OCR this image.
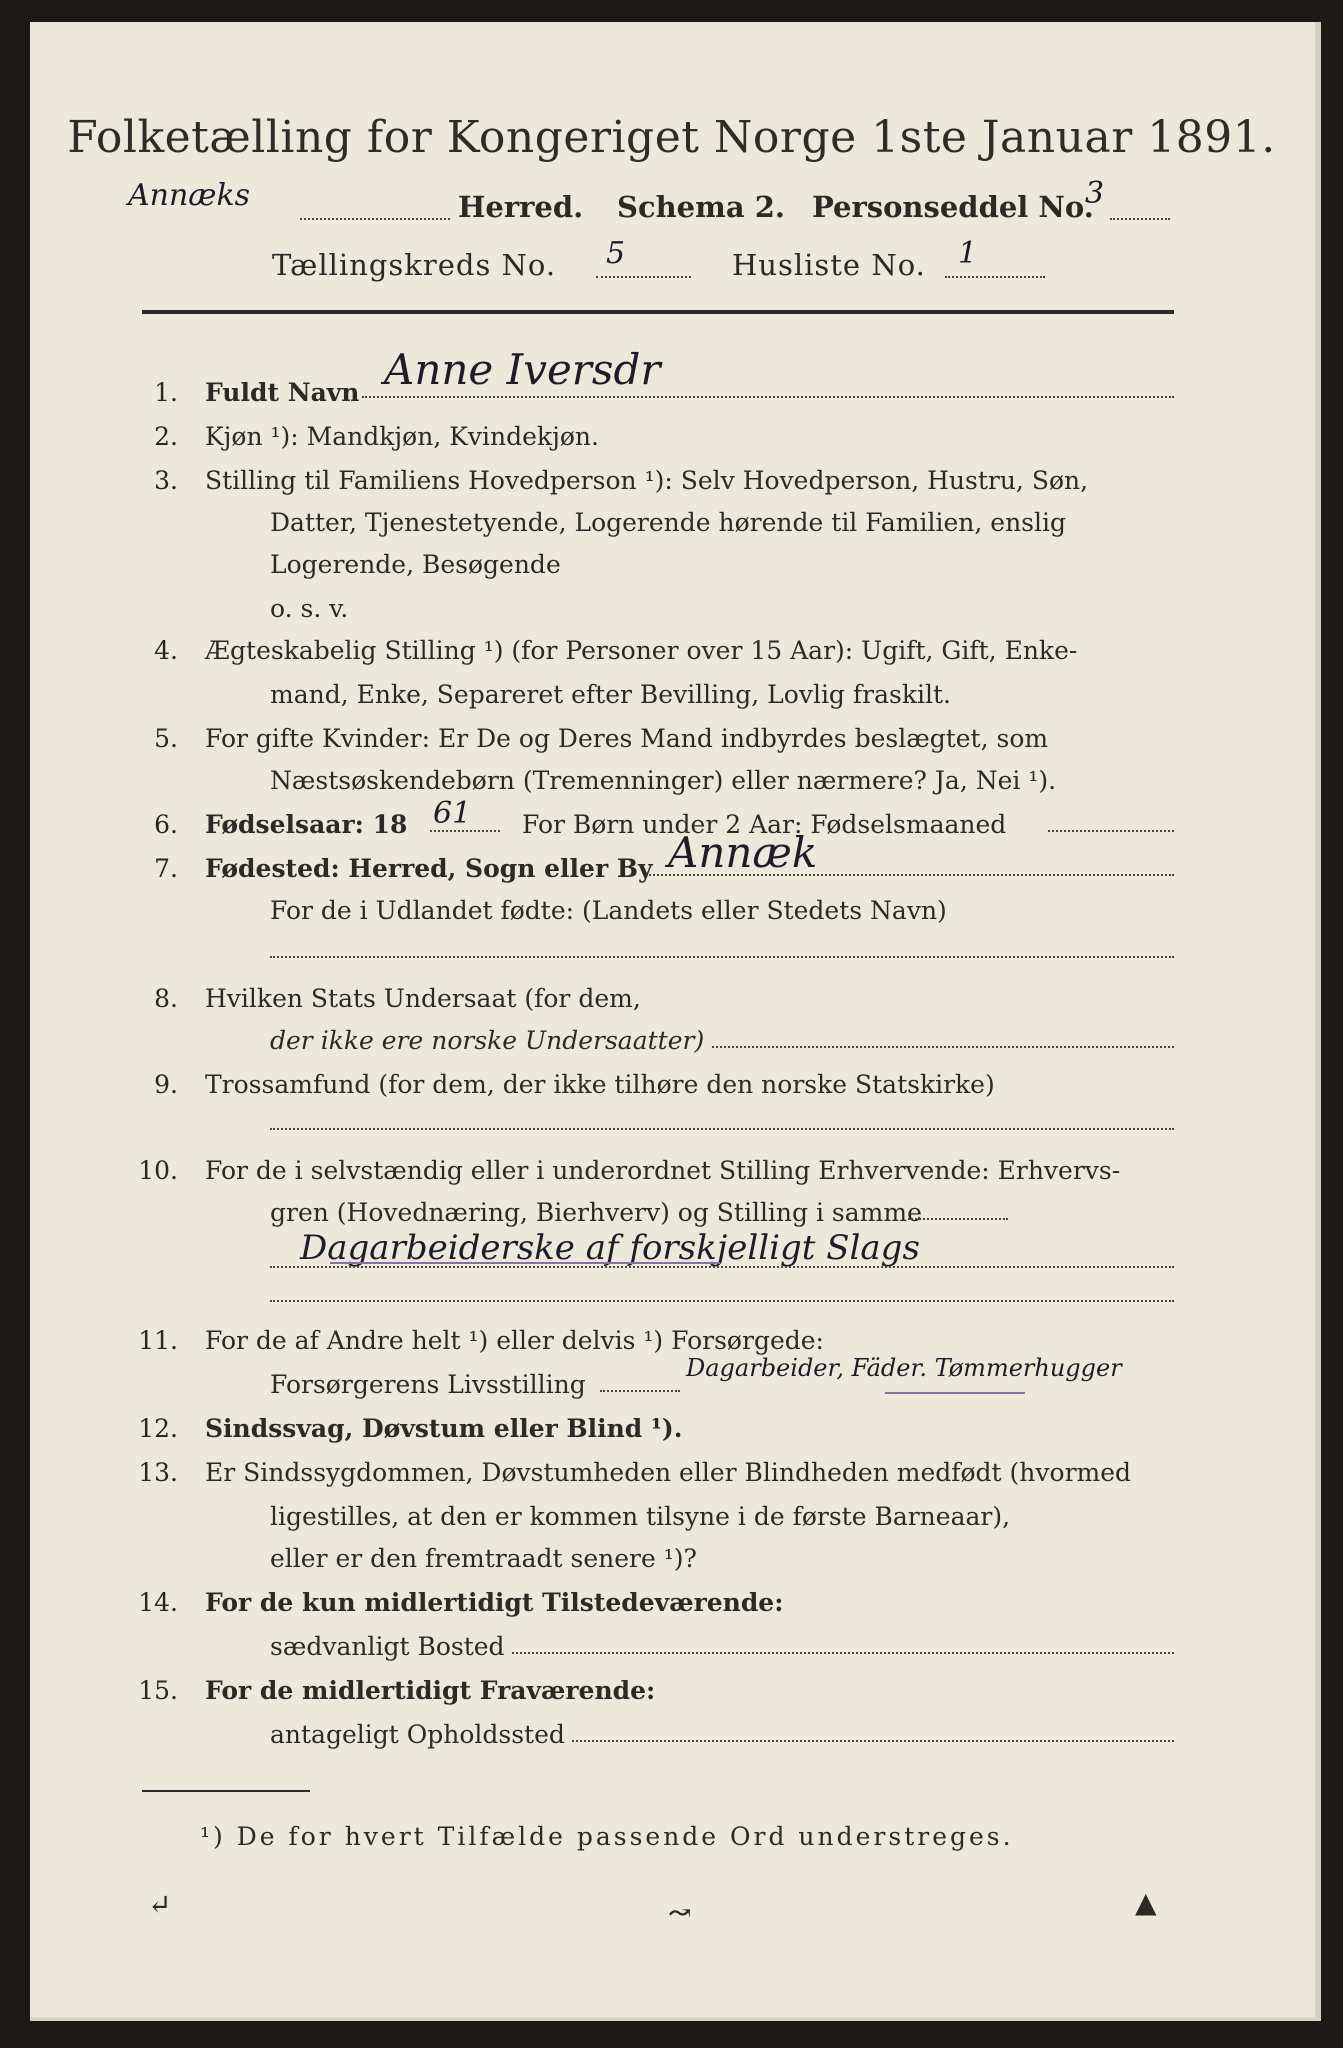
Folketælling for Kongeriget Norge 1ste Januar 1891.
Annæks	Herred. Schema 2. Personseddel No.
3
Tællingskreds No. 5	Husliste No. 1
1. Fuldt Navn Anne Iversdr
2. Kjøn ¹): Mandkjøn, Kvindekjøn.
3. Stilling til Familiens Hovedperson ¹): Selv Hovedperson, Hustru, Søn,
Datter, Tjenestetyende, Logerende hørende til Familien, enslig
Logerende, Besøgende
o. s. v.
4. Ægteskabelig Stilling ¹) (for Personer over 15 Aar): Ugift, Gift, Enke-
mand, Enke, Separeret efter Bevilling, Lovlig fraskilt.
5. For gifte Kvinder: Er De og Deres Mand indbyrdes beslægtet, som
Næstsøskendebørn (Tremenninger) eller nærmere? Ja, Nei ¹).
6. Fødselsaar: 18 61 For Børn under 2 Aar: Fødselsmaaned
7. Fødested: Herred, Sogn eller By Annæk
For de i Udlandet fødte: (Landets eller Stedets Navn)
8. Hvilken Stats Undersaat (for dem,
der ikke ere norske Undersaatter)
9. Trossamfund (for dem, der ikke tilhøre den norske Statskirke)
10. For de i selvstændig eller i underordnet Stilling Erhvervende: Erhvervs-
gren (Hovednæring, Bierhverv) og Stilling i samme
Dagarbeiderske af forskjelligt Slags
11. For de af Andre helt ¹) eller delvis ¹) Forsørgede:
Forsørgerens Livsstilling
Dagarbeider, Fäder. Tømmerhugger
12. Sindssvag, Døvstum eller Blind ¹).
13. Er Sindssygdommen, Døvstumheden eller Blindheden medfødt (hvormed
ligestilles, at den er kommen tilsyne i de første Barneaar),
eller er den fremtraadt senere ¹)?
14. For de kun midlertidigt Tilstedeværende:
sædvanligt Bosted
15. For de midlertidigt Fraværende:
antageligt Opholdssted
¹) De for hvert Tilfælde passende Ord understreges.
↵	↝	▲
